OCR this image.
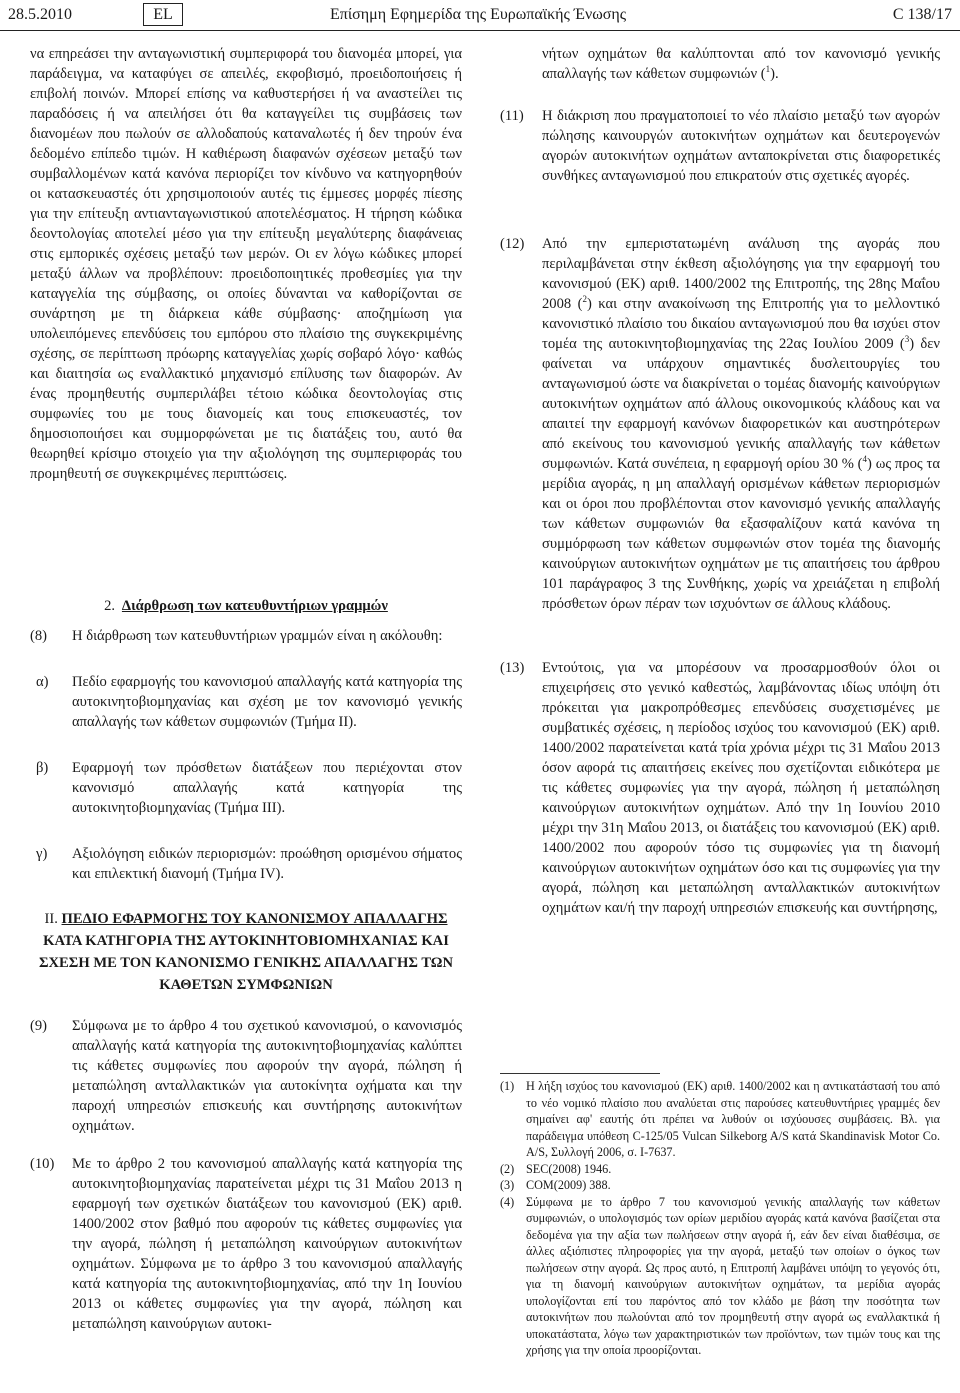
28.5.2010	EL	Επίσημη Εφημερίδα της Ευρωπαϊκής Ένωσης	C 138/17

να επηρεάσει την ανταγωνιστική συμπεριφορά του διανομέα μπορεί, για παράδειγμα, να καταφύγει σε απειλές, εκφοβισμό, προειδοποιήσεις ή επιβολή ποινών. Μπορεί επίσης να καθυστερήσει ή να αναστείλει τις παραδόσεις ή να απειλήσει ότι θα καταγγείλει τις συμβάσεις των διανομέων που πωλούν σε αλλοδαπούς καταναλωτές ή δεν τηρούν ένα δεδομένο επίπεδο τιμών. Η καθιέρωση διαφανών σχέσεων μεταξύ των συμβαλλομένων κατά κανόνα περιορίζει τον κίνδυνο να κατηγορηθούν οι κατασκευαστές ότι χρησιμοποιούν αυτές τις έμμεσες μορφές πίεσης για την επίτευξη αντιανταγωνιστικού αποτελέσματος. Η τήρηση κώδικα δεοντολογίας αποτελεί μέσο για την επίτευξη μεγαλύτερης διαφάνειας στις εμπορικές σχέσεις μεταξύ των μερών. Οι εν λόγω κώδικες μπορεί μεταξύ άλλων να προβλέπουν: προειδοποιητικές προθεσμίες για την καταγγελία της σύμβασης, οι οποίες δύνανται να καθορίζονται σε συνάρτηση με τη διάρκεια κάθε σύμβασης· αποζημίωση για υπολειπόμενες επενδύσεις του εμπόρου στο πλαίσιο της συγκεκριμένης σχέσης, σε περίπτωση πρόωρης καταγγελίας χωρίς σοβαρό λόγο· καθώς και διαιτησία ως εναλλακτικό μηχανισμό επίλυσης των διαφορών. Αν ένας προμηθευτής συμπεριλάβει τέτοιο κώδικα δεοντολογίας στις συμφωνίες του με τους διανομείς και τους επισκευαστές, τον δημοσιοποιήσει και συμμορφώνεται με τις διατάξεις του, αυτό θα θεωρηθεί κρίσιμο στοιχείο για την αξιολόγηση της συμπεριφοράς του προμηθευτή σε συγκεκριμένες περιπτώσεις.

2. Διάρθρωση των κατευθυντήριων γραμμών

(8) Η διάρθρωση των κατευθυντήριων γραμμών είναι η ακόλουθη:

α) Πεδίο εφαρμογής του κανονισμού απαλλαγής κατά κατηγορία της αυτοκινητοβιομηχανίας και σχέση με τον κανονισμό γενικής απαλλαγής των κάθετων συμφωνιών (Τμήμα II).

β) Εφαρμογή των πρόσθετων διατάξεων που περιέχονται στον κανονισμό απαλλαγής κατά κατηγορία της αυτοκινητοβιομηχανίας (Τμήμα III).

γ) Αξιολόγηση ειδικών περιορισμών: προώθηση ορισμένου σήματος και επιλεκτική διανομή (Τμήμα IV).

II. ΠΕΔΙΟ ΕΦΑΡΜΟΓΗΣ ΤΟΥ ΚΑΝΟΝΙΣΜΟΥ ΑΠΑΛΛΑΓΗΣ
ΚΑΤΑ ΚΑΤΗΓΟΡΙΑ ΤΗΣ ΑΥΤΟΚΙΝΗΤΟΒΙΟΜΗΧΑΝΙΑΣ ΚΑΙ ΣΧΕΣΗ ΜΕ ΤΟΝ ΚΑΝΟΝΙΣΜΟ ΓΕΝΙΚΗΣ ΑΠΑΛΛΑΓΗΣ ΤΩΝ ΚΑΘΕΤΩΝ ΣΥΜΦΩΝΙΩΝ
(9) Σύμφωνα με το άρθρο 4 του σχετικού κανονισμού, ο κανονισμός απαλλαγής κατά κατηγορία της αυτοκινητοβιομηχανίας καλύπτει τις κάθετες συμφωνίες που αφορούν την αγορά, πώληση ή μεταπώληση ανταλλακτικών για αυτοκίνητα οχήματα και την παροχή υπηρεσιών επισκευής και συντήρησης αυτοκινήτων οχημάτων.

(10) Με το άρθρο 2 του κανονισμού απαλλαγής κατά κατηγορία της αυτοκινητοβιομηχανίας παρατείνεται μέχρι τις 31 Μαΐου 2013 η εφαρμογή των σχετικών διατάξεων του κανονισμού (ΕΚ) αριθ. 1400/2002 στον βαθμό που αφορούν τις κάθετες συμφωνίες για την αγορά, πώληση ή μεταπώληση καινούργιων αυτοκινήτων οχημάτων. Σύμφωνα με το άρθρο 3 του κανονισμού απαλλαγής κατά κατηγορία της αυτοκινητοβιομηχανίας, από την 1η Ιουνίου 2013 οι κάθετες συμφωνίες για την αγορά, πώληση και μεταπώληση καινούργιων αυτοκι-

νήτων οχημάτων θα καλύπτονται από τον κανονισμό γενικής απαλλαγής των κάθετων συμφωνιών ($^1$).

(11) Η διάκριση που πραγματοποιεί το νέο πλαίσιο μεταξύ των αγορών πώλησης καινουργών αυτοκινήτων οχημάτων και δευτερογενών αγορών αυτοκινήτων οχημάτων ανταποκρίνεται στις διαφορετικές συνθήκες ανταγωνισμού που επικρατούν στις σχετικές αγορές.

(12) Από την εμπεριστατωμένη ανάλυση της αγοράς που περιλαμβάνεται στην έκθεση αξιολόγησης για την εφαρμογή του κανονισμού (ΕΚ) αριθ. 1400/2002 της Επιτροπής, της 28ης Μαΐου 2008 ($^2$) και στην ανακοίνωση της Επιτροπής για το μελλοντικό κανονιστικό πλαίσιο του δικαίου ανταγωνισμού που θα ισχύει στον τομέα της αυτοκινητοβιομηχανίας της 22ας Ιουλίου 2009 ($^3$) δεν φαίνεται να υπάρχουν σημαντικές δυσλειτουργίες του ανταγωνισμού ώστε να διακρίνεται ο τομέας διανομής καινούργιων αυτοκινήτων οχημάτων από άλλους οικονομικούς κλάδους και να απαιτεί την εφαρμογή κανόνων διαφορετικών και αυστηρότερων από εκείνους του κανονισμού γενικής απαλλαγής των κάθετων συμφωνιών. Κατά συνέπεια, η εφαρμογή ορίου 30 % ($^4$) ως προς τα μερίδια αγοράς, η μη απαλλαγή ορισμένων κάθετων περιορισμών και οι όροι που προβλέπονται στον κανονισμό γενικής απαλλαγής των κάθετων συμφωνιών θα εξασφαλίζουν κατά κανόνα τη συμμόρφωση των κάθετων συμφωνιών στον τομέα της διανομής καινούργιων αυτοκινήτων οχημάτων με τις απαιτήσεις του άρθρου 101 παράγραφος 3 της Συνθήκης, χωρίς να χρειάζεται η επιβολή πρόσθετων όρων πέραν των ισχυόντων σε άλλους κλάδους.

(13) Εντούτοις, για να μπορέσουν να προσαρμοσθούν όλοι οι επιχειρήσεις στο γενικό καθεστώς, λαμβάνοντας ιδίως υπόψη ότι πρόκειται για μακροπρόθεσμες επενδύσεις συσχετισμένες με συμβατικές σχέσεις, η περίοδος ισχύος του κανονισμού (ΕΚ) αριθ. 1400/2002 παρατείνεται κατά τρία χρόνια μέχρι τις 31 Μαΐου 2013 όσον αφορά τις απαιτήσεις εκείνες που σχετίζονται ειδικότερα με τις κάθετες συμφωνίες για την αγορά, πώληση ή μεταπώληση καινούργιων αυτοκινήτων οχημάτων. Από την 1η Ιουνίου 2010 μέχρι την 31η Μαΐου 2013, οι διατάξεις του κανονισμού (ΕΚ) αριθ. 1400/2002 που αφορούν τόσο τις συμφωνίες για τη διανομή καινούργιων αυτοκινήτων οχημάτων όσο και τις συμφωνίες για την αγορά, πώληση και μεταπώληση ανταλλακτικών αυτοκινήτων οχημάτων και/ή την παροχή υπηρεσιών επισκευής και συντήρησης,

(1) Η λήξη ισχύος του κανονισμού (ΕΚ) αριθ. 1400/2002 και η αντικατάστασή του από το νέο νομικό πλαίσιο που αναλύεται στις παρούσες κατευθυντήριες γραμμές δεν σημαίνει αφ' εαυτής ότι πρέπει να λυθούν οι ισχύουσες συμβάσεις. Βλ. για παράδειγμα υπόθεση C-125/05 Vulcan Silkeborg A/S κατά Skandinavisk Motor Co. A/S, Συλλογή 2006, σ. I-7637.

(2) SEC(2008) 1946.

(3) COM(2009) 388.

(4) Σύμφωνα με το άρθρο 7 του κανονισμού γενικής απαλλαγής των κάθετων συμφωνιών, ο υπολογισμός των ορίων μεριδίου αγοράς κατά κανόνα βασίζεται στα δεδομένα για την αξία των πωλήσεων στην αγορά ή, εάν δεν είναι διαθέσιμα, σε άλλες αξιόπιστες πληροφορίες για την αγορά, μεταξύ των οποίων ο όγκος των πωλήσεων στην αγορά. Ως προς αυτό, η Επιτροπή λαμβάνει υπόψη το γεγονός ότι, για τη διανομή καινούργιων αυτοκινήτων οχημάτων, τα μερίδια αγοράς υπολογίζονται επί του παρόντος από τον κλάδο με βάση την ποσότητα των αυτοκινήτων που πωλούνται από τον προμηθευτή στην αγορά ως εναλλακτικά ή υποκατάστατα, λόγω των χαρακτηριστικών των προϊόντων, των τιμών τους και της χρήσης για την οποία προορίζονται.
